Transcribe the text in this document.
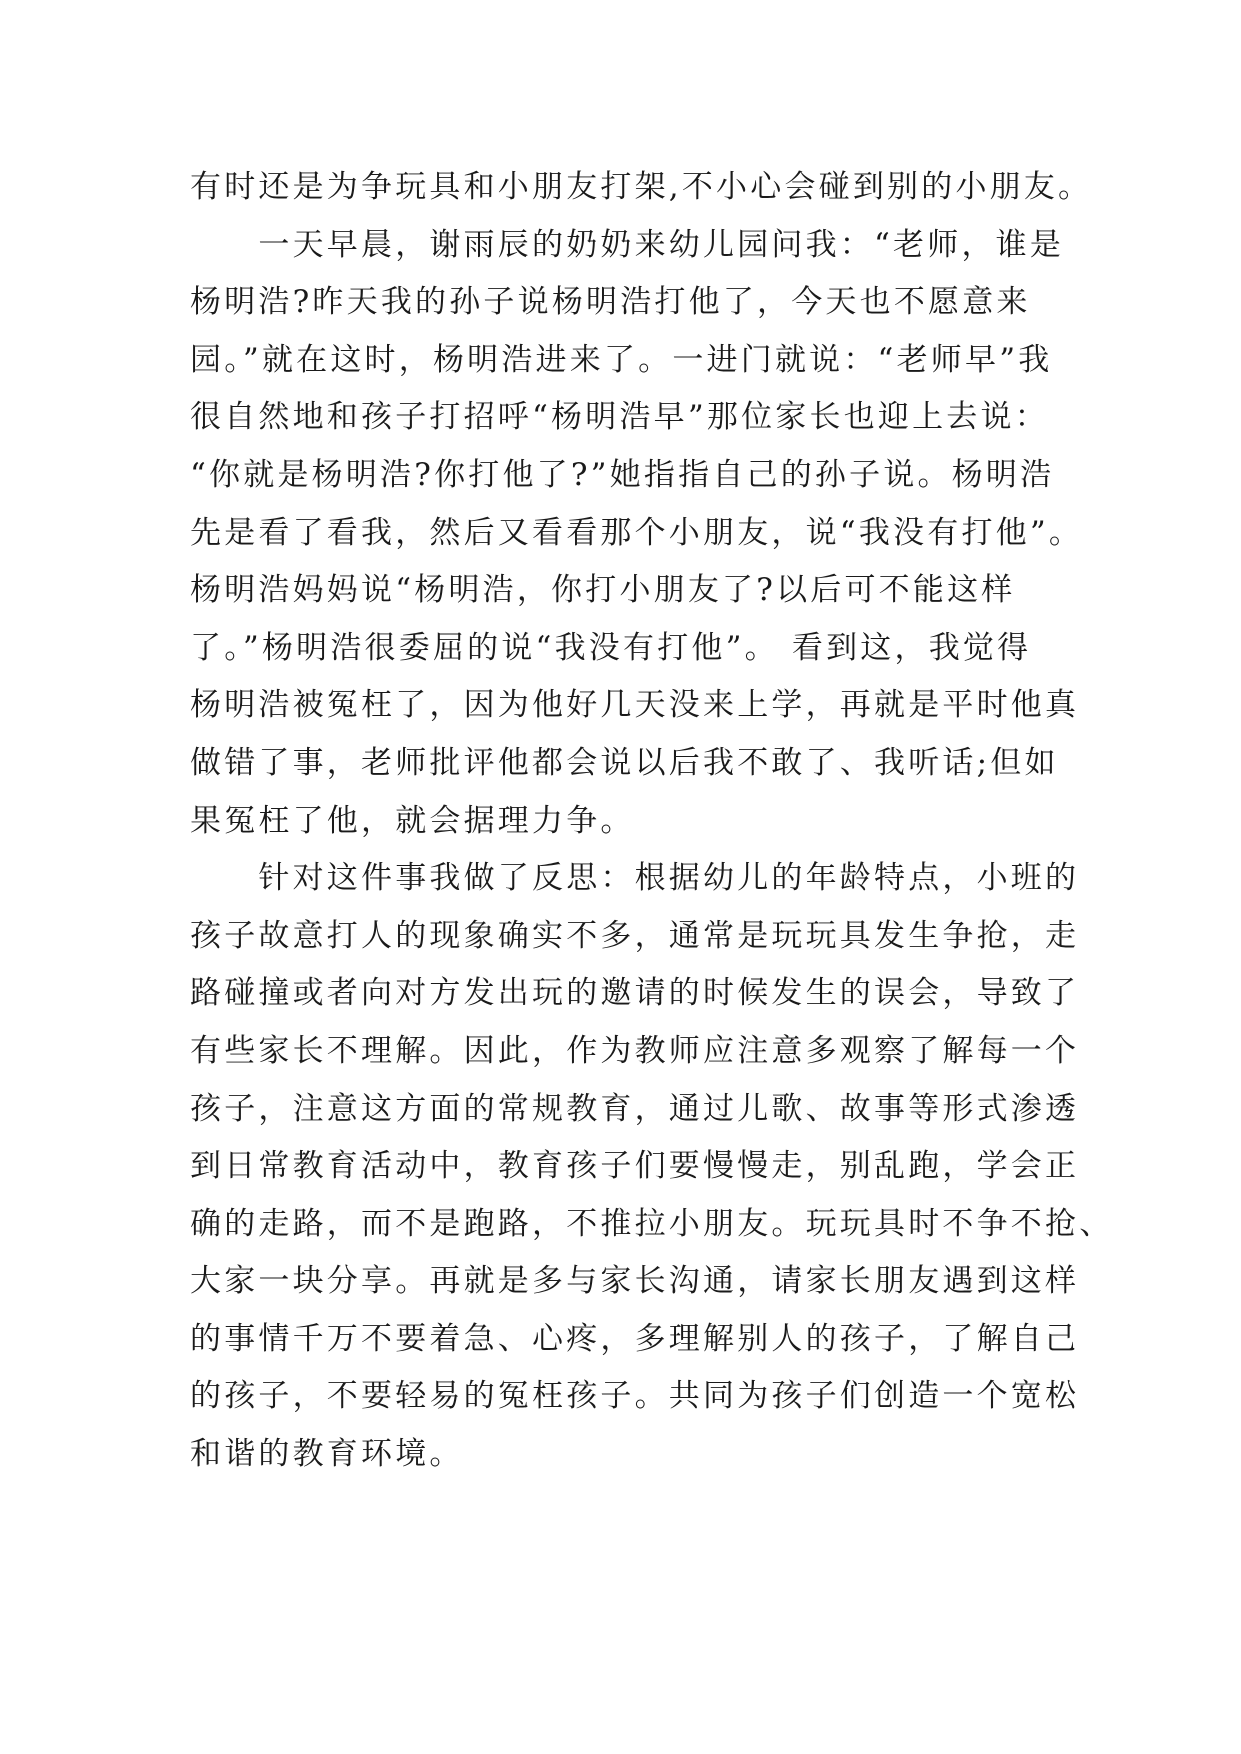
有时还是为争玩具和小朋友打架,不小心会碰到别的小朋友。
　　一天早晨，谢雨辰的奶奶来幼儿园问我：“老师，谁是
杨明浩?昨天我的孙子说杨明浩打他了，今天也不愿意来
园。”就在这时，杨明浩进来了。一进门就说：“老师早”我
很自然地和孩子打招呼“杨明浩早”那位家长也迎上去说：
“你就是杨明浩?你打他了?”她指指自己的孙子说。杨明浩
先是看了看我，然后又看看那个小朋友，说“我没有打他”。
杨明浩妈妈说“杨明浩，你打小朋友了?以后可不能这样
了。”杨明浩很委屈的说“我没有打他”。 看到这，我觉得
杨明浩被冤枉了，因为他好几天没来上学，再就是平时他真
做错了事，老师批评他都会说以后我不敢了、我听话;但如
果冤枉了他，就会据理力争。
　　针对这件事我做了反思：根据幼儿的年龄特点，小班的
孩子故意打人的现象确实不多，通常是玩玩具发生争抢，走
路碰撞或者向对方发出玩的邀请的时候发生的误会，导致了
有些家长不理解。因此，作为教师应注意多观察了解每一个
孩子，注意这方面的常规教育，通过儿歌、故事等形式渗透
到日常教育活动中，教育孩子们要慢慢走，别乱跑，学会正
确的走路，而不是跑路，不推拉小朋友。玩玩具时不争不抢、
大家一块分享。再就是多与家长沟通，请家长朋友遇到这样
的事情千万不要着急、心疼，多理解别人的孩子，了解自己
的孩子，不要轻易的冤枉孩子。共同为孩子们创造一个宽松
和谐的教育环境。
